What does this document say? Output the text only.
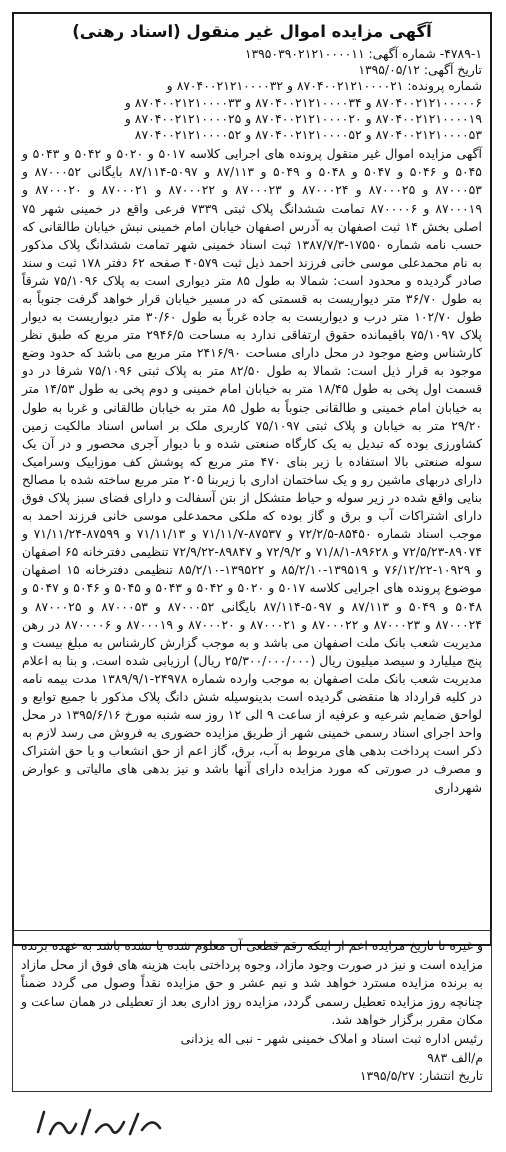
آگهی مزایده اموال غیر منقول (اسناد رهنی)
۴۷۸۹-۱- شماره آگهی: ۱۳۹۵۰۳۹۰۲۱۲۱۰۰۰۰۱۱
تاریخ آگهی: ۱۳۹۵/۰۵/۱۲
شماره پرونده: ۸۷۰۴۰۰۲۱۲۱۰۰۰۰۲۱ و ۸۷۰۴۰۰۲۱۲۱۰۰۰۰۳۲ و
۸۷۰۴۰۰۲۱۲۱۰۰۰۰۰۶ و ۸۷۰۴۰۰۲۱۲۱۰۰۰۰۳۴ و ۸۷۰۴۰۰۲۱۲۱۰۰۰۰۳۳ و
۸۷۰۴۰۰۲۱۲۱۰۰۰۰۱۹ و ۸۷۰۴۰۰۲۱۲۱۰۰۰۰۲۰ و ۸۷۰۴۰۰۲۱۲۱۰۰۰۰۲۵ و
۸۷۰۴۰۰۲۱۲۱۰۰۰۰۵۳ و ۸۷۰۴۰۰۲۱۲۱۰۰۰۰۵۲ و ۸۷۰۴۰۰۲۱۲۱۰۰۰۰۵۲
آگهی مزایده اموال غیر منقول پرونده های اجرایی کلاسه ۵۰۱۷ و ۵۰۲۰ و ۵۰۴۲ و ۵۰۴۳ و ۵۰۴۵ و ۵۰۴۶ و ۵۰۴۷ و ۵۰۴۸ و ۵۰۴۹ و ۸۷/۱۱۳ و ۵۰۹۷-۸۷/۱۱۴ بایگانی ۸۷۰۰۰۵۲ و ۸۷۰۰۰۵۳ و ۸۷۰۰۰۲۵ و ۸۷۰۰۰۲۴ و ۸۷۰۰۰۲۳ و ۸۷۰۰۰۲۲ و ۸۷۰۰۰۲۱ و ۸۷۰۰۰۲۰ و ۸۷۰۰۰۱۹ و ۸۷۰۰۰۰۶ تمامت ششدانگ پلاک ثبتی ۷۳۳۹ فرعی واقع در خمینی شهر ۷۵ اصلی بخش ۱۴ ثبت اصفهان به آدرس اصفهان خیابان امام خمینی نبش خیابان طالقانی که حسب نامه شماره ۱۷۵۵۰-۱۳۸۷/۷/۳ ثبت اسناد خمینی شهر تمامت ششدانگ پلاک مذکور به نام محمدعلی موسی خانی فرزند احمد ذیل ثبت ۴۰۵۷۹ صفحه ۶۲ دفتر ۱۷۸ ثبت و سند صادر گردیده و محدود است: شمالا به طول ۸۵ متر دیواری است به پلاک ۷۵/۱۰۹۶ شرقاً به طول ۳۶/۷۰ متر دیواریست به قسمتی که در مسیر خیابان قرار خواهد گرفت جنوباً به طول ۱۰۲/۷۰ متر درب و دیواریست به جاده غرباً به طول ۳۰/۶۰ متر دیواریست به دیوار پلاک ۷۵/۱۰۹۷ باقیمانده حقوق ارتفاقی ندارد به مساحت ۲۹۴۶/۵ متر مربع که طبق نظر کارشناس وضع موجود در محل دارای مساحت ۲۴۱۶/۹۰ متر مربع می باشد که حدود وضع موجود به قرار ذیل است: شمالا به طول ۸۲/۵۰ متر به پلاک ثبتی ۷۵/۱۰۹۶ شرقا در دو قسمت اول پخی به طول ۱۸/۴۵ متر به خیابان امام خمینی و دوم پخی به طول ۱۴/۵۳ متر به خیابان امام خمینی و طالقانی جنوباً به طول ۸۵ متر به خیابان طالقانی و غربا به طول ۲۹/۲۰ متر به خیابان و پلاک ثبتی ۷۵/۱۰۹۷ کاربری ملک بر اساس اسناد مالکیت زمین کشاورزی بوده که تبدیل به یک کارگاه صنعتی شده و با دیوار آجری محصور و در آن یک سوله صنعتی بالا استفاده با زیر بنای ۴۷۰ متر مربع که پوشش کف موزاییک وسرامیک دارای دربهای ماشین رو و یک ساختمان اداری با زیربنا ۲۰۵ متر مربع ساخته شده با مصالح بنایی واقع شده در زیر سوله و حیاط متشکل از بتن آسفالت و دارای فضای سبز پلاک فوق دارای اشتراکات آب و برق و گاز بوده که ملکی محمدعلی موسی خانی فرزند احمد به موجب اسناد شماره ۸۵۴۵۰-۷۲/۲/۵ و ۸۷۵۳۷-۷۱/۱۱/۷ و ۷۱/۱۱/۱۳ و ۸۷۵۹۹-۷۱/۱۱/۲۴ و ۸۹۰۷۴-۷۲/۵/۲۳ و ۸۹۶۲۸-۷۱/۸/۱ و ۷۲/۹/۲ و ۸۹۸۴۷-۷۲/۹/۲۲ تنظیمی دفترخانه ۶۵ اصفهان و ۱۰۹۲۹-۷۶/۱۲/۲۲ و ۱۳۹۵۱۹-۸۵/۲/۱۰ و ۱۳۹۵۲۲-۸۵/۲/۱۰ تنظیمی دفترخانه ۱۵ اصفهان موضوع پرونده های اجرایی کلاسه ۵۰۱۷ و ۵۰۲۰ و ۵۰۴۲ و ۵۰۴۳ و ۵۰۴۵ و ۵۰۴۶ و ۵۰۴۷ و ۵۰۴۸ و ۵۰۴۹ و ۸۷/۱۱۳ و ۵۰۹۷-۸۷/۱۱۴ بایگانی ۸۷۰۰۰۵۲ و ۸۷۰۰۰۵۳ و ۸۷۰۰۰۲۵ و ۸۷۰۰۰۲۴ و ۸۷۰۰۰۲۳ و ۸۷۰۰۰۲۲ و ۸۷۰۰۰۲۱ و ۸۷۰۰۰۲۰ و ۸۷۰۰۰۱۹ و ۸۷۰۰۰۰۶ در رهن مدیریت شعب بانک ملت اصفهان می باشد و به موجب گزارش کارشناس به مبلغ بیست و پنج میلیارد و سیصد میلیون ریال (۲۵/۳۰۰/۰۰۰/۰۰۰ ریال) ارزیابی شده است. و بنا به اعلام مدیریت شعب بانک ملت اصفهان به موجب وارده شماره ۲۴۹۷۸-۱۳۸۹/۹/۱ مدت بیمه نامه در کلیه قرارداد ها منقضی گردیده است بدینوسیله شش دانگ پلاک مذکور با جمیع توابع و لواحق ضمایم شرعیه و عرفیه از ساعت ۹ الی ۱۲ روز سه شنبه مورخ ۱۳۹۵/۶/۱۶ در محل واحد اجرای اسناد رسمی خمینی شهر از طریق مزایده حضوری به فروش می رسد لازم به ذکر است پرداخت بدهی های مربوط به آب، برق، گاز اعم از حق انشعاب و یا حق اشتراک و مصرف در صورتی که مورد مزایده دارای آنها باشد و نیز بدهی های مالیاتی و عوارض شهرداری
و غیره تا تاریخ مزایده اعم از اینکه رقم قطعی آن معلوم شده یا نشده باشد به عهده برنده مزایده است و نیز در صورت وجود مازاد، وجوه پرداختی بابت هزینه های فوق از محل مازاد به برنده مزایده مسترد خواهد شد و نیم عشر و حق مزایده نقداً وصول می گردد ضمناً چنانچه روز مزایده تعطیل رسمی گردد، مزایده روز اداری بعد از تعطیلی در همان ساعت و مکان مقرر برگزار خواهد شد.
رئیس اداره ثبت اسناد و املاک خمینی شهر - نبی اله یزدانی
م/الف ۹۸۳
تاریخ انتشار: ۱۳۹۵/۵/۲۷
